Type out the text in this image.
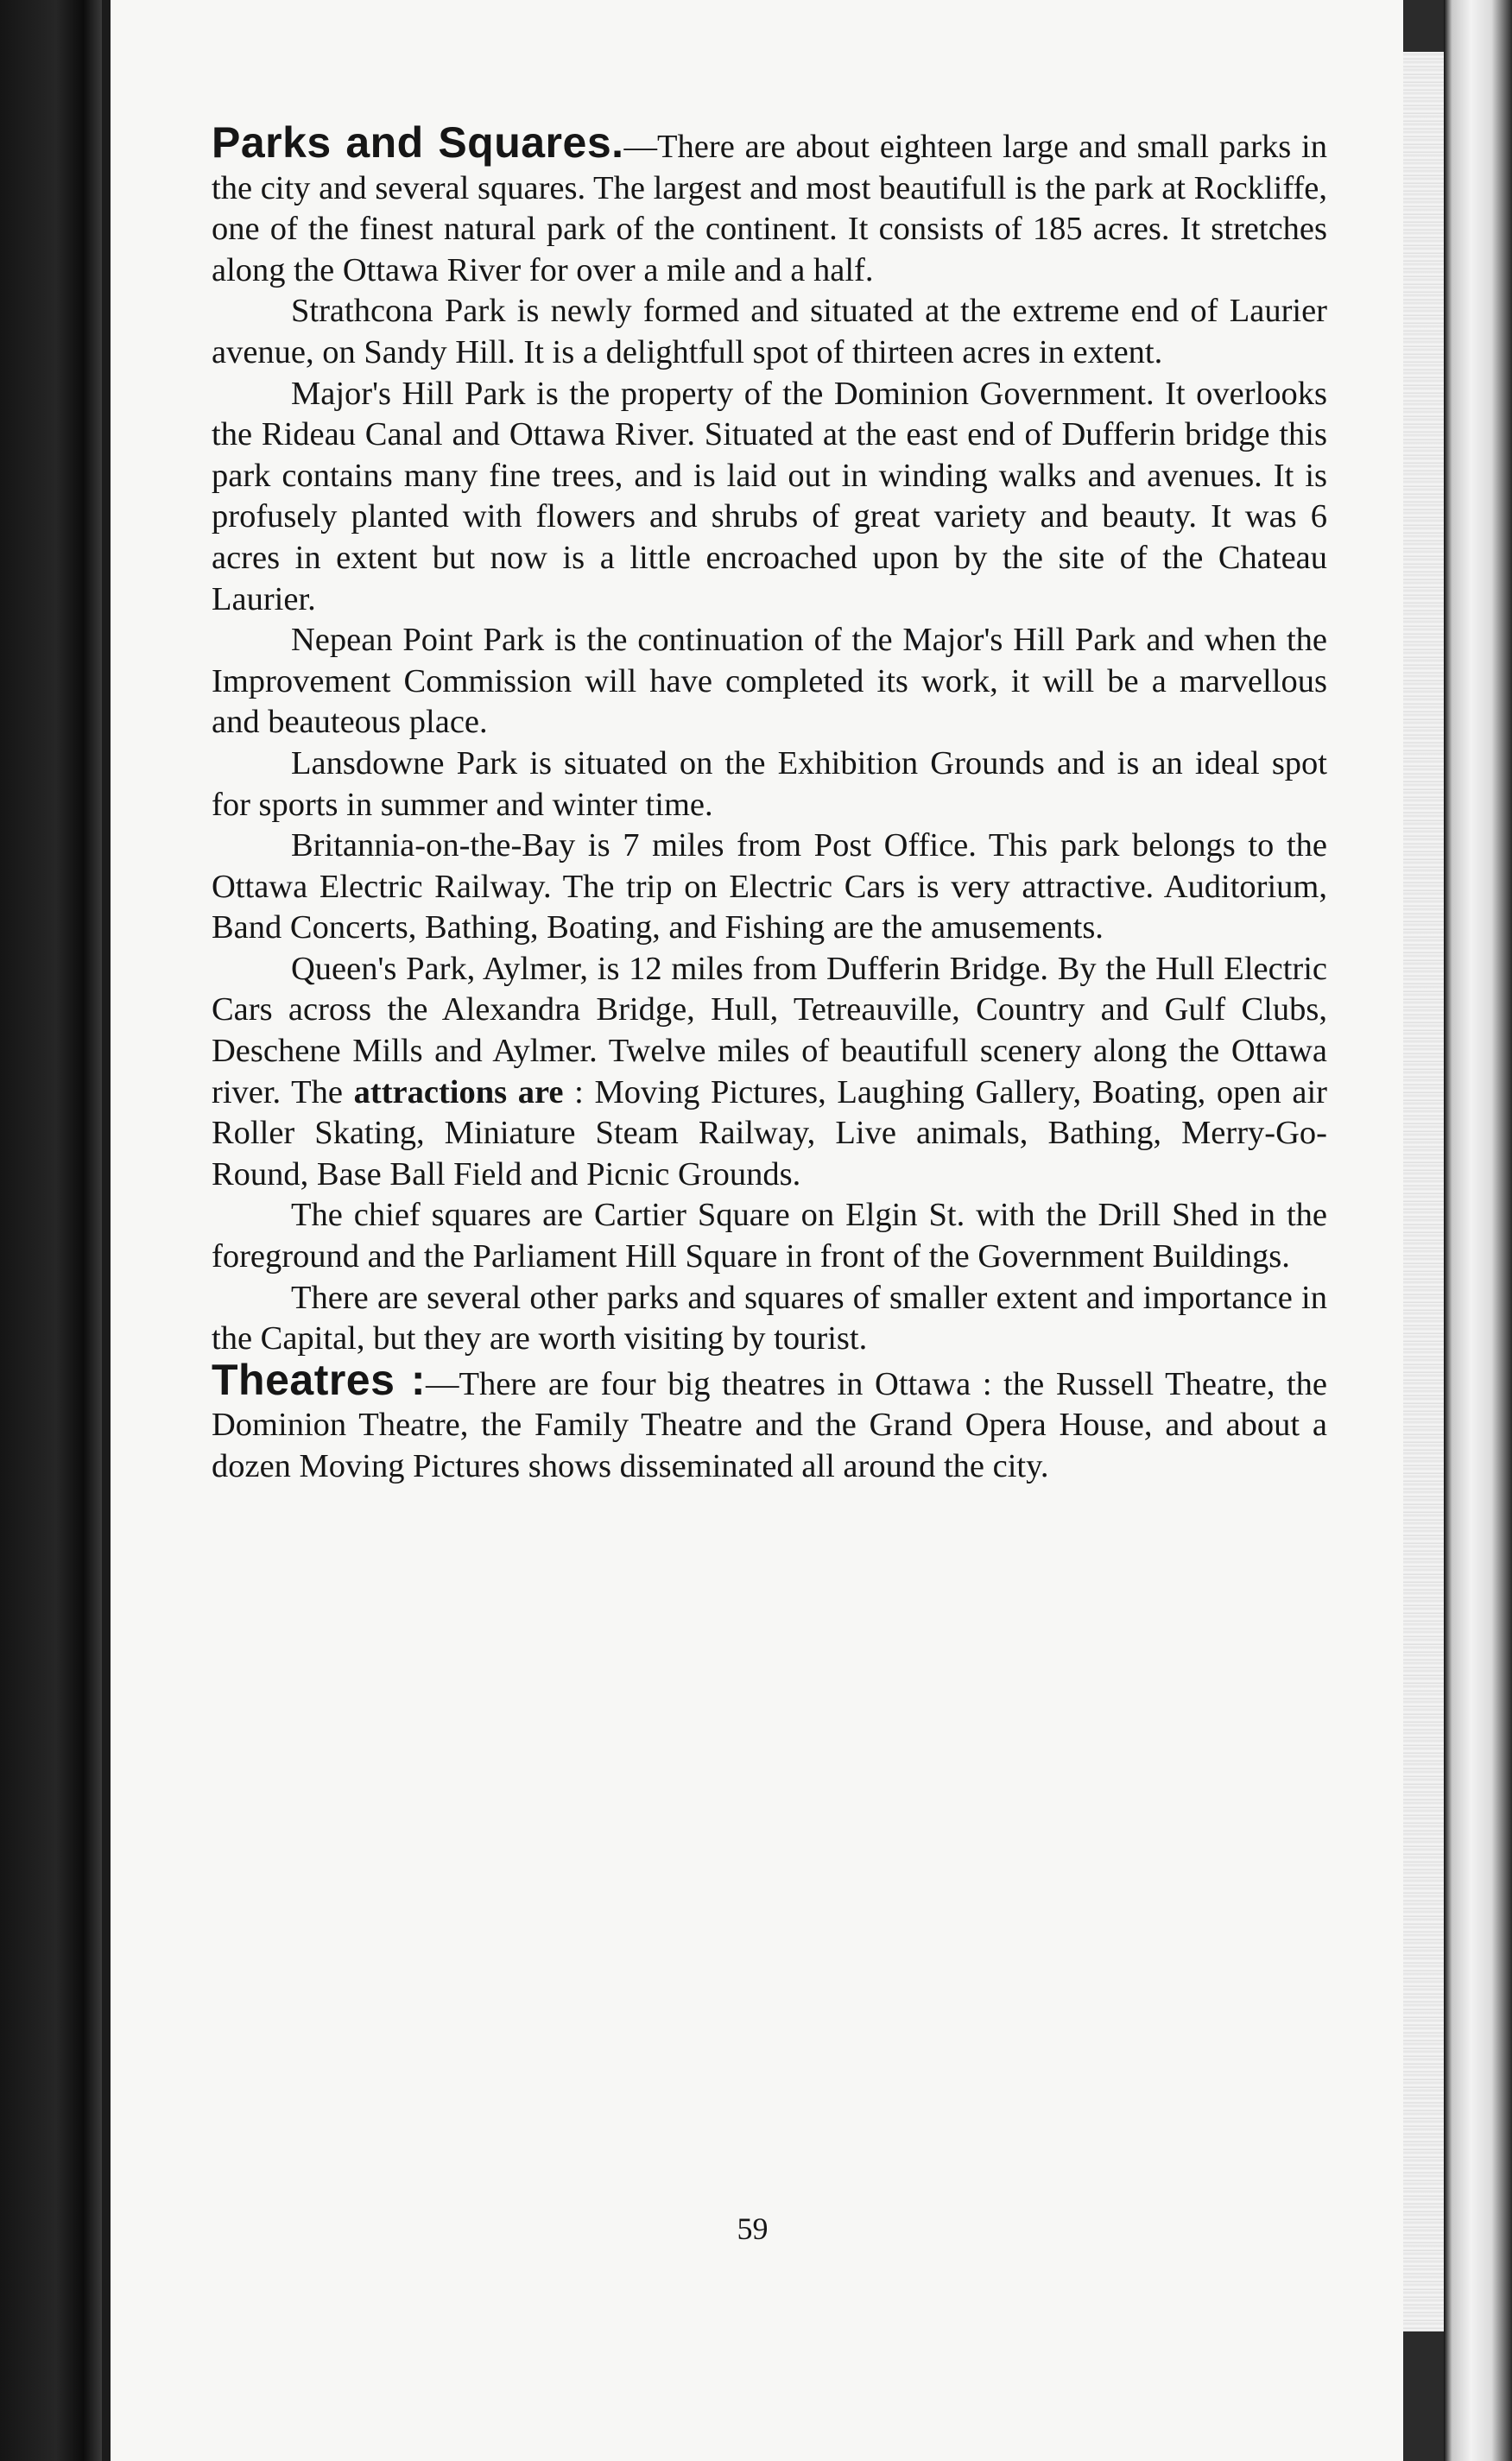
Parks and Squares.—There are about eighteen large and small parks in the city and several squares. The largest and most beautifull is the park at Rockliffe, one of the finest natural park of the continent. It consists of 185 acres. It stretches along the Ottawa River for over a mile and a half.

Strathcona Park is newly formed and situated at the extreme end of Laurier avenue, on Sandy Hill. It is a delightfull spot of thirteen acres in extent.

Major's Hill Park is the property of the Dominion Government. It overlooks the Rideau Canal and Ottawa River. Situated at the east end of Dufferin bridge this park contains many fine trees, and is laid out in winding walks and avenues. It is profusely planted with flowers and shrubs of great variety and beauty. It was 6 acres in extent but now is a little encroached upon by the site of the Chateau Laurier.

Nepean Point Park is the continuation of the Major's Hill Park and when the Improvement Commission will have completed its work, it will be a marvellous and beauteous place.

Lansdowne Park is situated on the Exhibition Grounds and is an ideal spot for sports in summer and winter time.

Britannia-on-the-Bay is 7 miles from Post Office. This park belongs to the Ottawa Electric Railway. The trip on Electric Cars is very attractive. Auditorium, Band Concerts, Bathing, Boating, and Fishing are the amusements.

Queen's Park, Aylmer, is 12 miles from Dufferin Bridge. By the Hull Electric Cars across the Alexandra Bridge, Hull, Tetreauville, Country and Gulf Clubs, Deschene Mills and Aylmer. Twelve miles of beautifull scenery along the Ottawa river. The attractions are : Moving Pictures, Laughing Gallery, Boating, open air Roller Skating, Miniature Steam Railway, Live animals, Bathing, Merry-Go-Round, Base Ball Field and Picnic Grounds.

The chief squares are Cartier Square on Elgin St. with the Drill Shed in the foreground and the Parliament Hill Square in front of the Government Buildings.

There are several other parks and squares of smaller extent and importance in the Capital, but they are worth visiting by tourist.

Theatres :—There are four big theatres in Ottawa : the Russell Theatre, the Dominion Theatre, the Family Theatre and the Grand Opera House, and about a dozen Moving Pictures shows disseminated all around the city.

59
